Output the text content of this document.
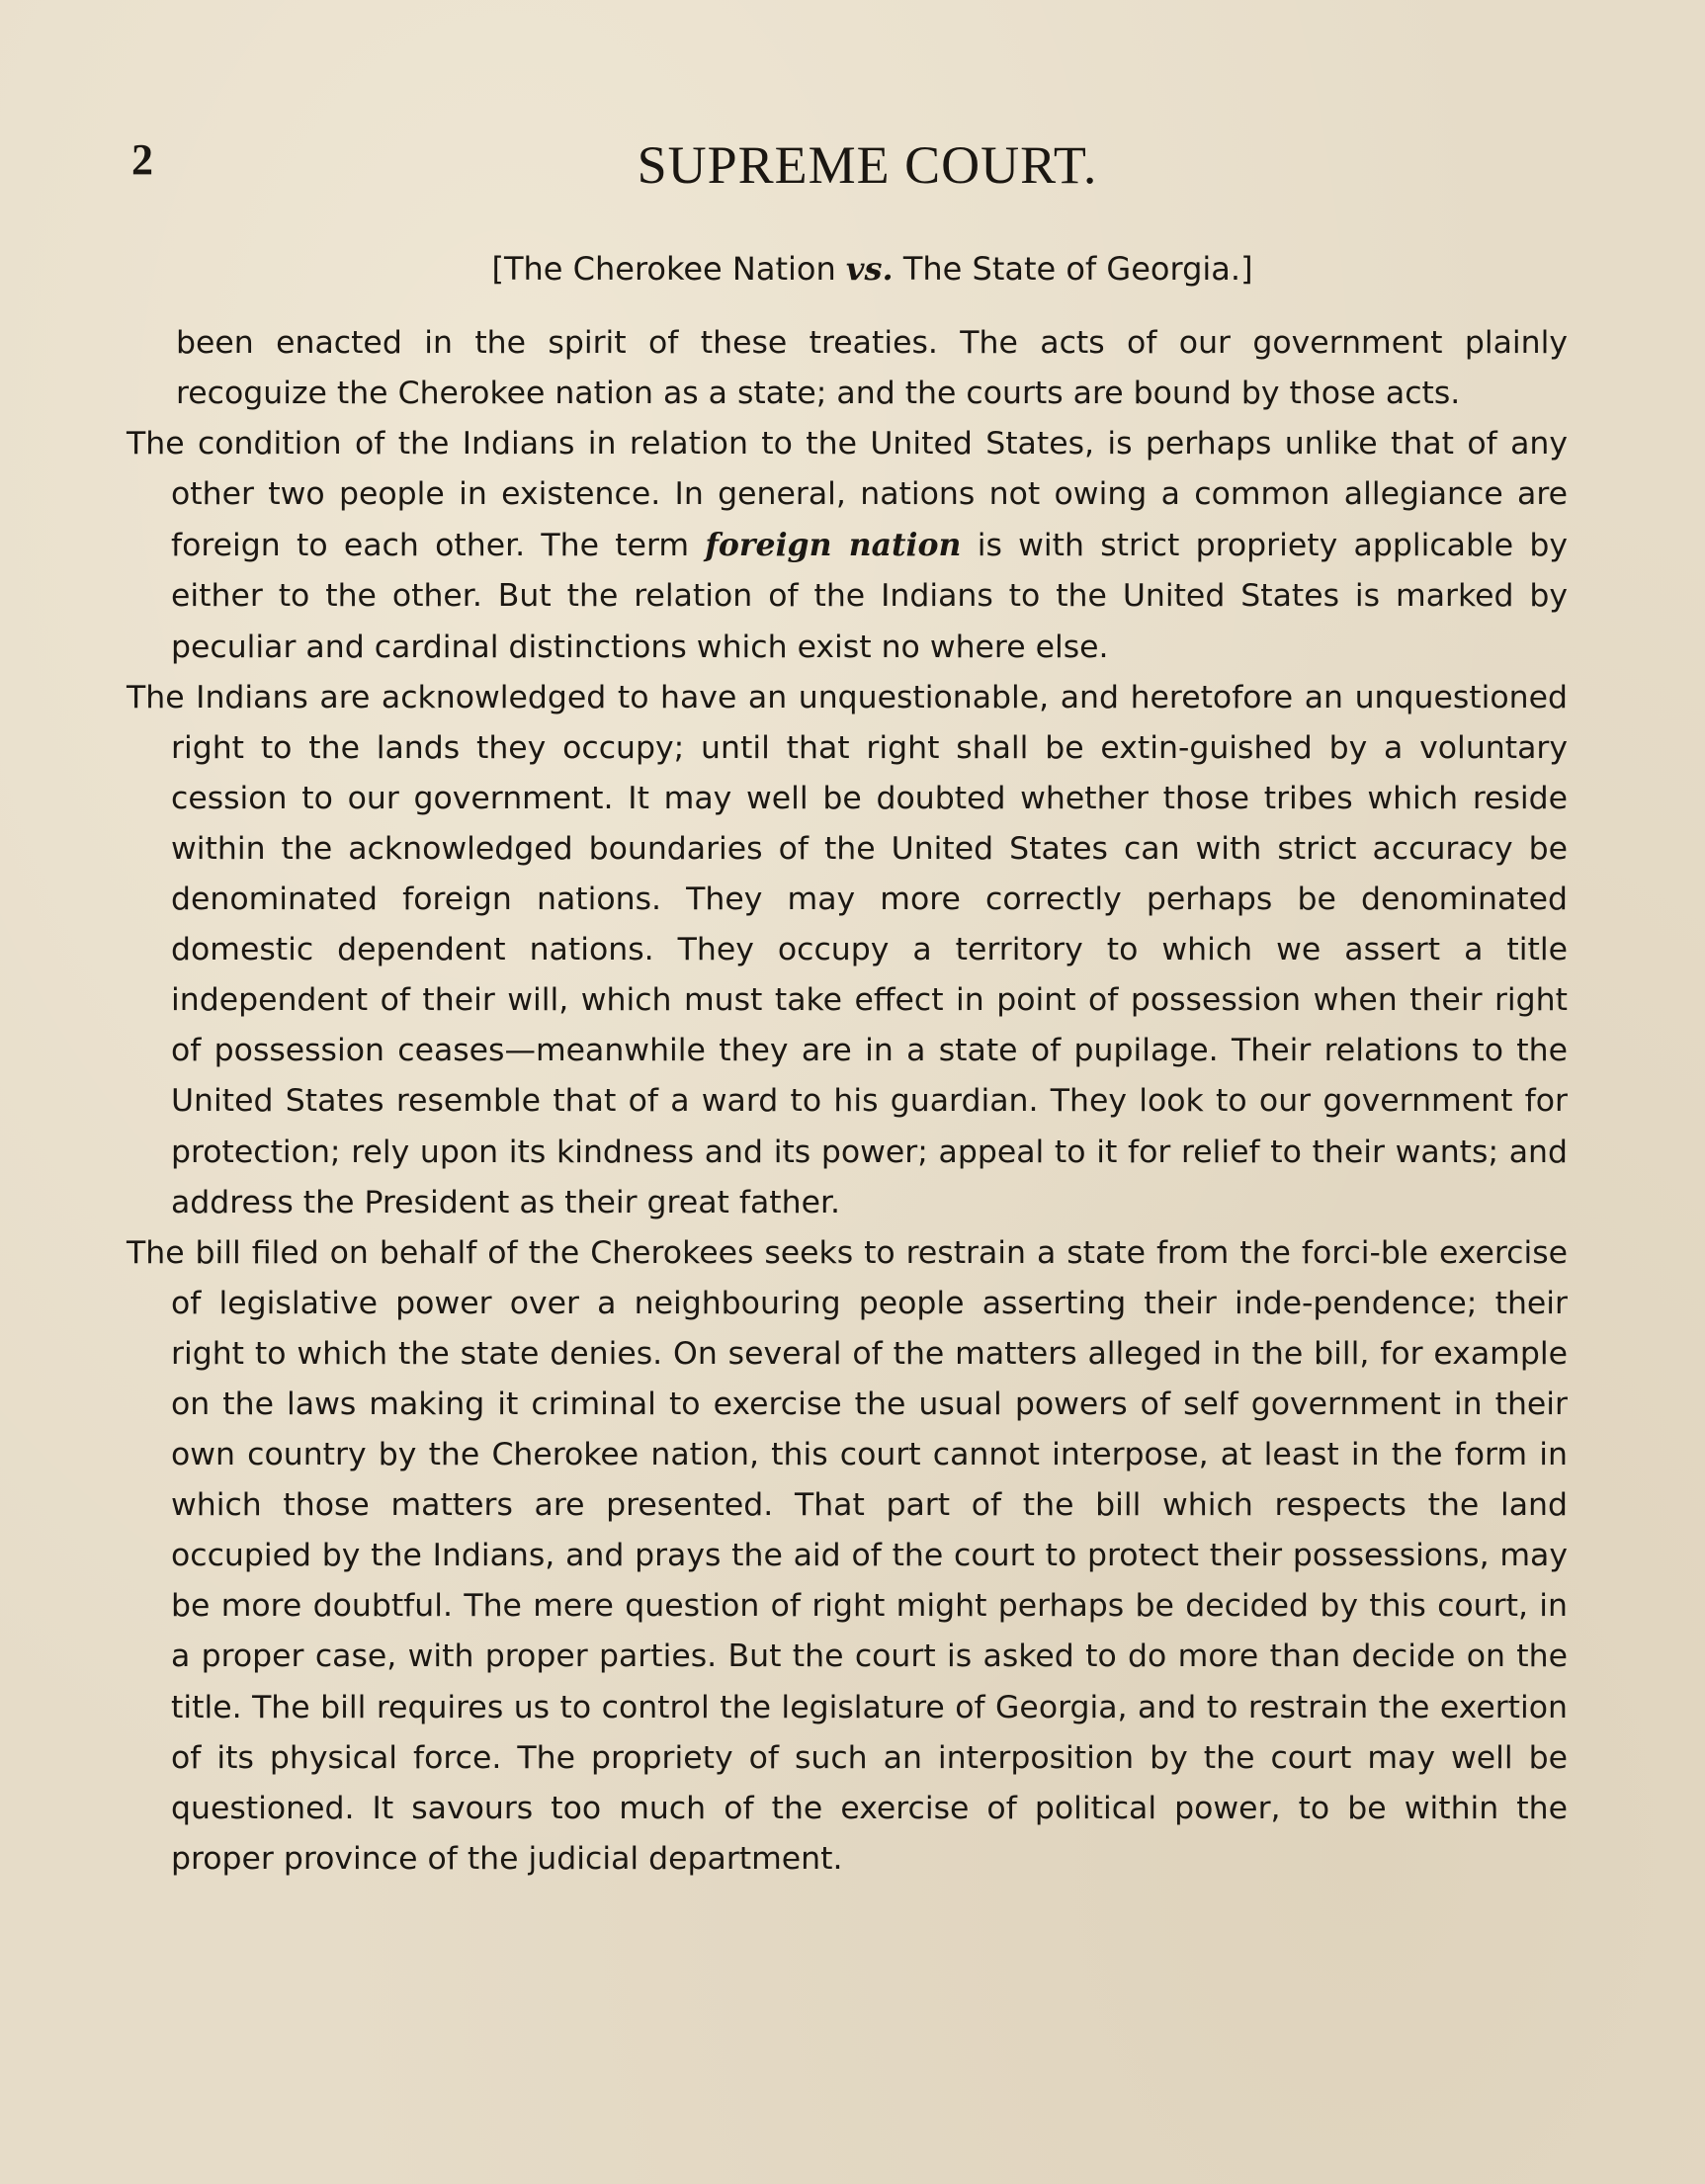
2	SUPREME COURT.
[The Cherokee Nation vs. The State of Georgia.]

been enacted in the spirit of these treaties. The acts of our government plainly recoguize the Cherokee nation as a state; and the courts are bound by those acts.

The condition of the Indians in relation to the United States, is perhaps unlike that of any other two people in existence. In general, nations not owing a common allegiance are foreign to each other. The term foreign nation is with strict propriety applicable by either to the other. But the relation of the Indians to the United States is marked by peculiar and cardinal distinctions which exist no where else.

The Indians are acknowledged to have an unquestionable, and heretofore an unquestioned right to the lands they occupy; until that right shall be extin-guished by a voluntary cession to our government. It may well be doubted whether those tribes which reside within the acknowledged boundaries of the United States can with strict accuracy be denominated foreign nations. They may more correctly perhaps be denominated domestic dependent nations. They occupy a territory to which we assert a title independent of their will, which must take effect in point of possession when their right of possession ceases—meanwhile they are in a state of pupilage. Their relations to the United States resemble that of a ward to his guardian. They look to our government for protection; rely upon its kindness and its power; appeal to it for relief to their wants; and address the President as their great father.

The bill filed on behalf of the Cherokees seeks to restrain a state from the forci-ble exercise of legislative power over a neighbouring people asserting their inde-pendence; their right to which the state denies. On several of the matters alleged in the bill, for example on the laws making it criminal to exercise the usual powers of self government in their own country by the Cherokee nation, this court cannot interpose, at least in the form in which those matters are presented. That part of the bill which respects the land occupied by the Indians, and prays the aid of the court to protect their possessions, may be more doubtful. The mere question of right might perhaps be decided by this court, in a proper case, with proper parties. But the court is asked to do more than decide on the title. The bill requires us to control the legislature of Georgia, and to restrain the exertion of its physical force. The propriety of such an interposition by the court may well be questioned. It savours too much of the exercise of political power, to be within the proper province of the judicial department.
